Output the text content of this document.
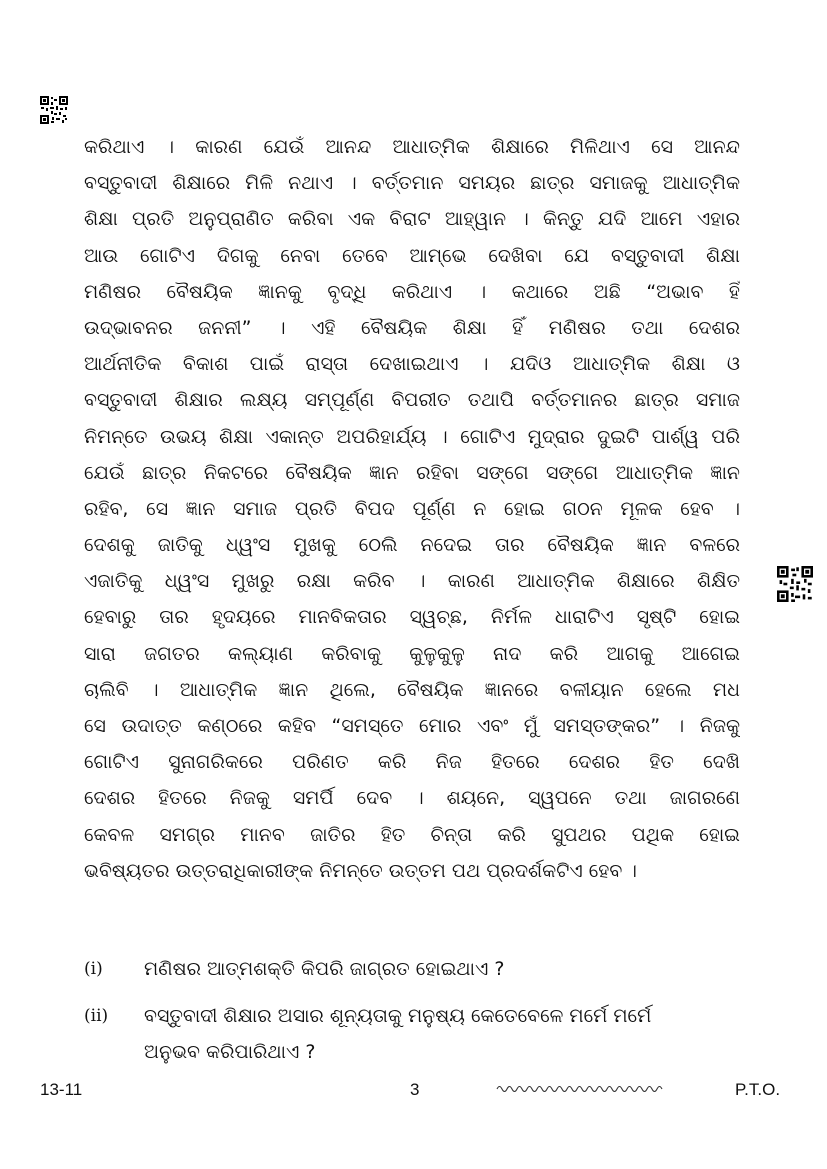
କରିଥାଏ । କାରଣ ଯେଉଁ ଆନନ୍ଦ ଆଧାତ୍ମିକ ଶିକ୍ଷାରେ ମିଳିଥାଏ ସେ ଆନନ୍ଦ
ବସ୍ତୁବାଦୀ ଶିକ୍ଷାରେ ମିଳି ନଥାଏ । ବର୍ତ୍ତମାନ ସମୟର ଛାତ୍ର ସମାଜକୁ ଆଧାତ୍ମିକ
ଶିକ୍ଷା ପ୍ରତି ଅନୁପ୍ରାଣିତ କରିବା ଏକ ବିରାଟ ଆହ୍ୱାନ । କିନ୍ତୁ ଯଦି ଆମେ ଏହାର
ଆଉ ଗୋଟିଏ ଦିଗକୁ ନେବା ତେବେ ଆମ୍ଭେ ଦେଖିବା ଯେ ବସ୍ତୁବାଦୀ ଶିକ୍ଷା
ମଣିଷର ବୈଷୟିକ ଜ୍ଞାନକୁ ବୃଦ୍ଧି କରିଥାଏ । କଥାରେ ଅଛି “ଅଭାବ ହିଁ
ଉଦ୍ଭାବନର ଜନନୀ” । ଏହି ବୈଷୟିକ ଶିକ୍ଷା ହିଁ ମଣିଷର ତଥା ଦେଶର
ଆର୍ଥନୀତିକ ବିକାଶ ପାଇଁ ରାସ୍ତା ଦେଖାଇଥାଏ । ଯଦିଓ ଆଧାତ୍ମିକ ଶିକ୍ଷା ଓ
ବସ୍ତୁବାଦୀ ଶିକ୍ଷାର ଲକ୍ଷ୍ୟ ସମ୍ପୂର୍ଣ୍ଣ ବିପରୀତ ତଥାପି ବର୍ତ୍ତମାନର ଛାତ୍ର ସମାଜ
ନିମନ୍ତେ ଉଭୟ ଶିକ୍ଷା ଏକାନ୍ତ ଅପରିହାର୍ଯ୍ୟ । ଗୋଟିଏ ମୁଦ୍ରାର ଦୁଇଟି ପାର୍ଶ୍ୱ ପରି
ଯେଉଁ ଛାତ୍ର ନିକଟରେ ବୈଷୟିକ ଜ୍ଞାନ ରହିବା ସଙ୍ଗେ ସଙ୍ଗେ ଆଧାତ୍ମିକ ଜ୍ଞାନ
ରହିବ, ସେ ଜ୍ଞାନ ସମାଜ ପ୍ରତି ବିପଦ ପୂର୍ଣ୍ଣ ନ ହୋଇ ଗଠନ ମୂଳକ ହେବ ।
ଦେଶକୁ ଜାତିକୁ ଧ୍ୱଂସ ମୁଖକୁ ଠେଲି ନଦେଇ ତାର ବୈଷୟିକ ଜ୍ଞାନ ବଳରେ
ଏଜାତିକୁ ଧ୍ୱଂସ ମୁଖରୁ ରକ୍ଷା କରିବ । କାରଣ ଆଧାତ୍ମିକ ଶିକ୍ଷାରେ ଶିକ୍ଷିତ
ହେବାରୁ ତାର ହୃଦୟରେ ମାନବିକତାର ସ୍ୱଚ୍ଛ, ନିର୍ମଳ ଧାରାଟିଏ ସୃଷ୍ଟି ହୋଇ
ସାରା ଜଗତର କଲ୍ୟାଣ କରିବାକୁ କୁଳୁକୁଳୁ ନାଦ କରି ଆଗକୁ ଆଗେଇ
ଚାଲିବି । ଆଧାତ୍ମିକ ଜ୍ଞାନ ଥିଲେ, ବୈଷୟିକ ଜ୍ଞାନରେ ବଳୀୟାନ ହେଲେ ମଧ
ସେ ଉଦାତ୍ତ କଣ୍ଠରେ କହିବ “ସମସ୍ତେ ମୋର ଏବଂ ମୁଁ ସମସ୍ତଙ୍କର” । ନିଜକୁ
ଗୋଟିଏ ସୁନାଗରିକରେ ପରିଣତ କରି ନିଜ ହିତରେ ଦେଶର ହିତ ଦେଖି
ଦେଶର ହିତରେ ନିଜକୁ ସମର୍ପି ଦେବ । ଶୟନେ, ସ୍ୱପନେ ତଥା ଜାଗରଣେ
କେବଳ ସମଗ୍ର ମାନବ ଜାତିର ହିତ ଚିନ୍ତା କରି ସୁପଥର ପଥିକ ହୋଇ
ଭବିଷ୍ୟତର ଉତ୍ତରାଧିକାରୀଙ୍କ ନିମନ୍ତେ ଉତ୍ତମ ପଥ ପ୍ରଦର୍ଶକଟିଏ ହେବ ।
(i) ମଣିଷର ଆତ୍ମଶକ୍ତି କିପରି ଜାଗ୍ରତ ହୋଇଥାଏ ?
(ii) ବସ୍ତୁବାଦୀ ଶିକ୍ଷାର ଅସାର ଶୂନ୍ୟତାକୁ ମନୁଷ୍ୟ କେତେବେଳେ ମର୍ମେ ମର୍ମେ
ଅନୁଭବ କରିପାରିଥାଏ ?
13-11	3	P.T.O.
